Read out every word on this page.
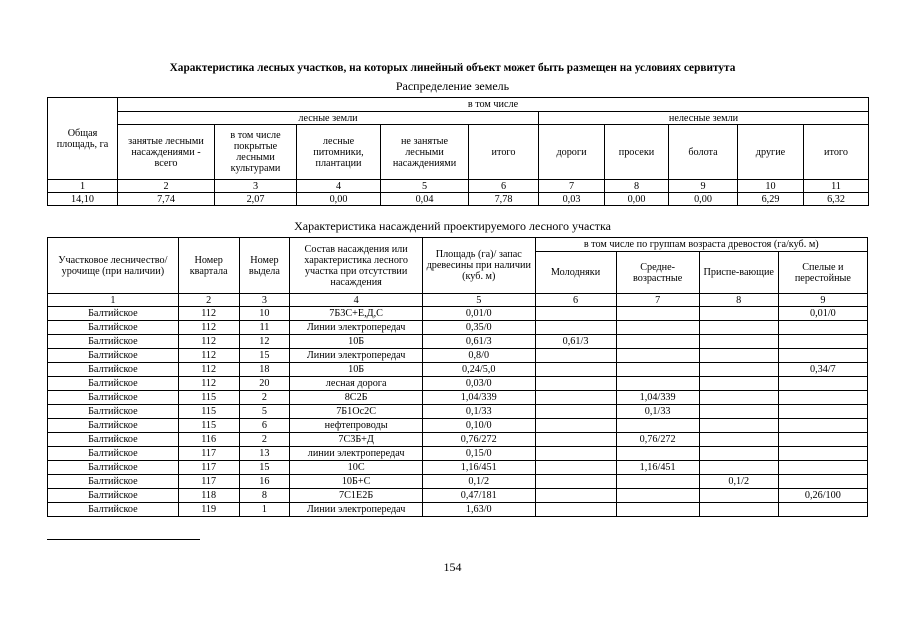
Характеристика лесных участков, на которых линейный объект может быть размещен на условиях сервитута
Распределение земель
Общая площадь, га	в том числе									
	лесные земли					нелесные земли				
	занятые лесными насаждениями - всего	в том числе покрытые лесными культурами	лесные питомники, плантации	не занятые лесными насаждениями	итого	дороги	просеки	болота	другие	итого
1	2	3	4	5	6	7	8	9	10	11
14,10	7,74	2,07	0,00	0,04	7,78	0,03	0,00	0,00	6,29	6,32
Характеристика насаждений проектируемого лесного участка
Участковое лесничество/урочище (при наличии)	Номер квартала	Номер выдела	Состав насаждения или характеристика лесного участка при отсутствии насаждения	Площадь (га)/ запас древесины при наличии (куб. м)	в том числе по группам возраста древостоя (га/куб. м)			
					Молодняки	Средне-возрастные	Приспе-вающие	Спелые и перестойные
1	2	3	4	5	6	7	8	9
Балтийское	112	10	7Б3С+Е,Д,С	0,01/0				0,01/0
Балтийское	112	11	Линии электропередач	0,35/0				
Балтийское	112	12	10Б	0,61/3	0,61/3			
Балтийское	112	15	Линии электропередач	0,8/0				
Балтийское	112	18	10Б	0,24/5,0				0,34/7
Балтийское	112	20	лесная дорога	0,03/0				
Балтийское	115	2	8С2Б	1,04/339		1,04/339		
Балтийское	115	5	7Б1Ос2С	0,1/33		0,1/33		
Балтийское	115	6	нефтепроводы	0,10/0				
Балтийское	116	2	7С3Б+Д	0,76/272		0,76/272		
Балтийское	117	13	линии электропередач	0,15/0				
Балтийское	117	15	10С	1,16/451		1,16/451		
Балтийское	117	16	10Б+С	0,1/2			0,1/2	
Балтийское	118	8	7С1Е2Б	0,47/181				0,26/100
Балтийское	119	1	Линии электропередач	1,63/0				
154
